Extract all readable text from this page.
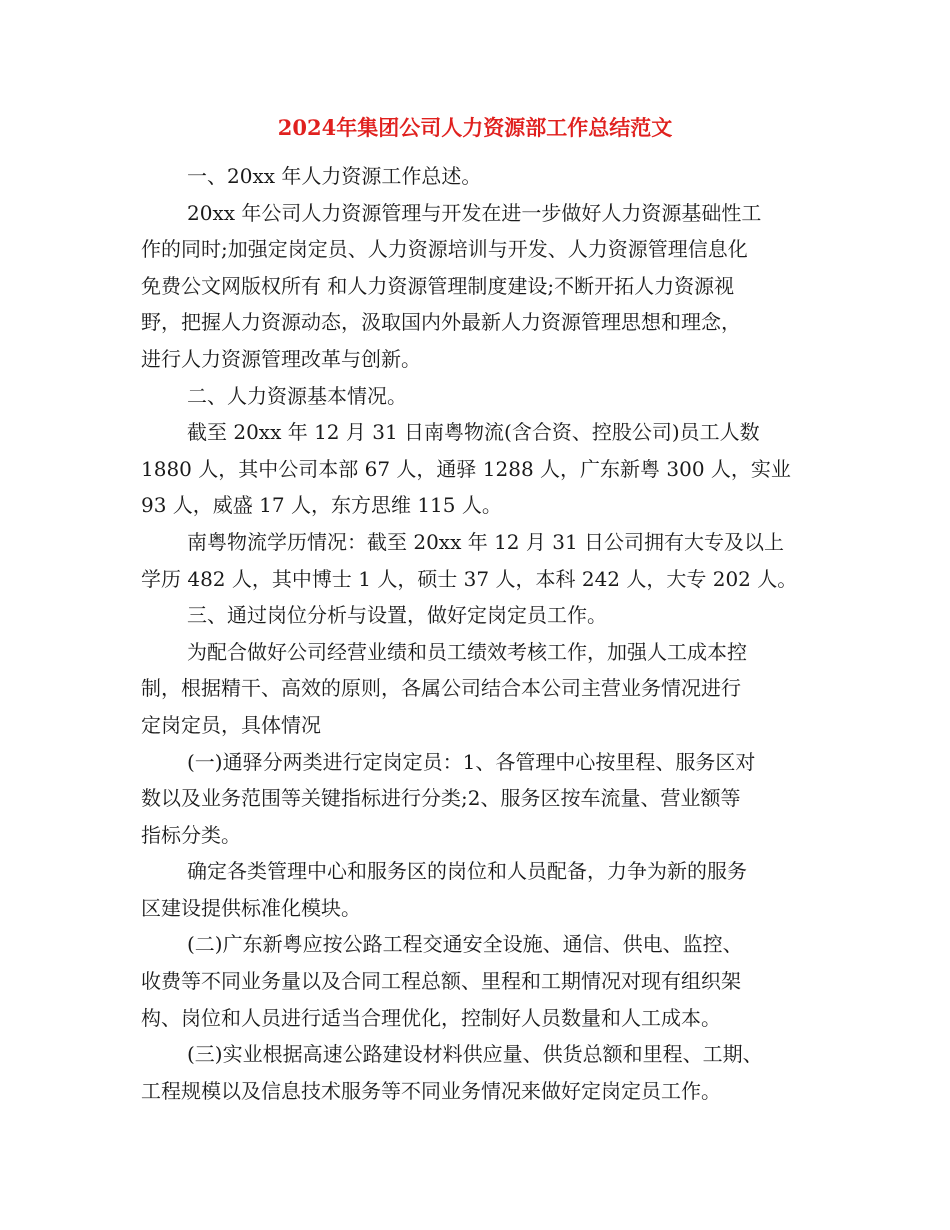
2024年集团公司人力资源部工作总结范文
一、20xx 年人力资源工作总述。
20xx 年公司人力资源管理与开发在进一步做好人力资源基础性工
作的同时;加强定岗定员、人力资源培训与开发、人力资源管理信息化
免费公文网版权所有 和人力资源管理制度建设;不断开拓人力资源视
野，把握人力资源动态，汲取国内外最新人力资源管理思想和理念，
进行人力资源管理改革与创新。
二、人力资源基本情况。
截至 20xx 年 12 月 31 日南粤物流(含合资、控股公司)员工人数
1880 人，其中公司本部 67 人，通驿 1288 人，广东新粤 300 人，实业
93 人，威盛 17 人，东方思维 115 人。
南粤物流学历情况：截至 20xx 年 12 月 31 日公司拥有大专及以上
学历 482 人，其中博士 1 人，硕士 37 人，本科 242 人，大专 202 人。
三、通过岗位分析与设置，做好定岗定员工作。
为配合做好公司经营业绩和员工绩效考核工作，加强人工成本控
制，根据精干、高效的原则，各属公司结合本公司主营业务情况进行
定岗定员，具体情况
(一)通驿分两类进行定岗定员：1、各管理中心按里程、服务区对
数以及业务范围等关键指标进行分类;2、服务区按车流量、营业额等
指标分类。
确定各类管理中心和服务区的岗位和人员配备，力争为新的服务
区建设提供标准化模块。
(二)广东新粤应按公路工程交通安全设施、通信、供电、监控、
收费等不同业务量以及合同工程总额、里程和工期情况对现有组织架
构、岗位和人员进行适当合理优化，控制好人员数量和人工成本。
(三)实业根据高速公路建设材料供应量、供货总额和里程、工期、
工程规模以及信息技术服务等不同业务情况来做好定岗定员工作。
